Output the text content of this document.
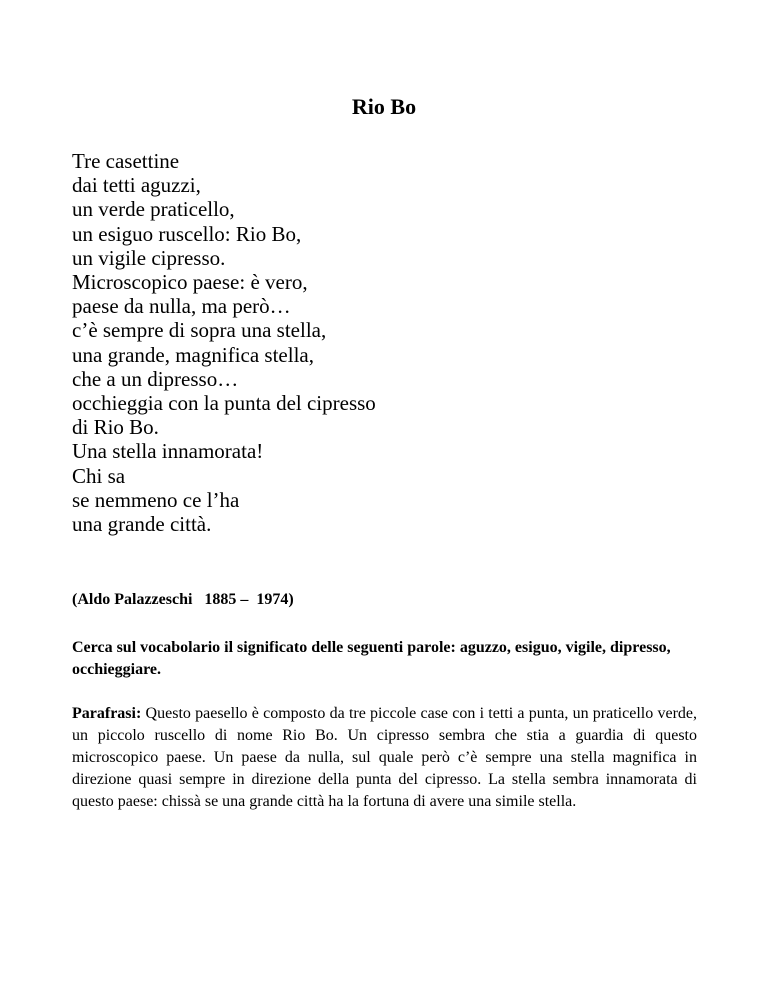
Rio Bo
Tre casettine
dai tetti aguzzi,
un verde praticello,
un esiguo ruscello: Rio Bo,
un vigile cipresso.
Microscopico paese: è vero,
paese da nulla, ma però…
c’è sempre di sopra una stella,
una grande, magnifica stella,
che a un dipresso…
occhieggia con la punta del cipresso
di Rio Bo.
Una stella innamorata!
Chi sa
se nemmeno ce l’ha
una grande città.

(Aldo Palazzeschi   1885 –  1974)

Cerca sul vocabolario il significato delle seguenti parole: aguzzo, esiguo, vigile, dipresso, occhieggiare.

Parafrasi: Questo paesello è composto da tre piccole case con i tetti a punta, un praticello verde, un piccolo ruscello di nome Rio Bo. Un cipresso sembra che stia a guardia di questo microscopico paese. Un paese da nulla, sul quale però c’è sempre una stella magnifica in direzione quasi sempre in direzione della punta del cipresso. La stella sembra innamorata di questo paese: chissà se una grande città ha la fortuna di avere una simile stella.
